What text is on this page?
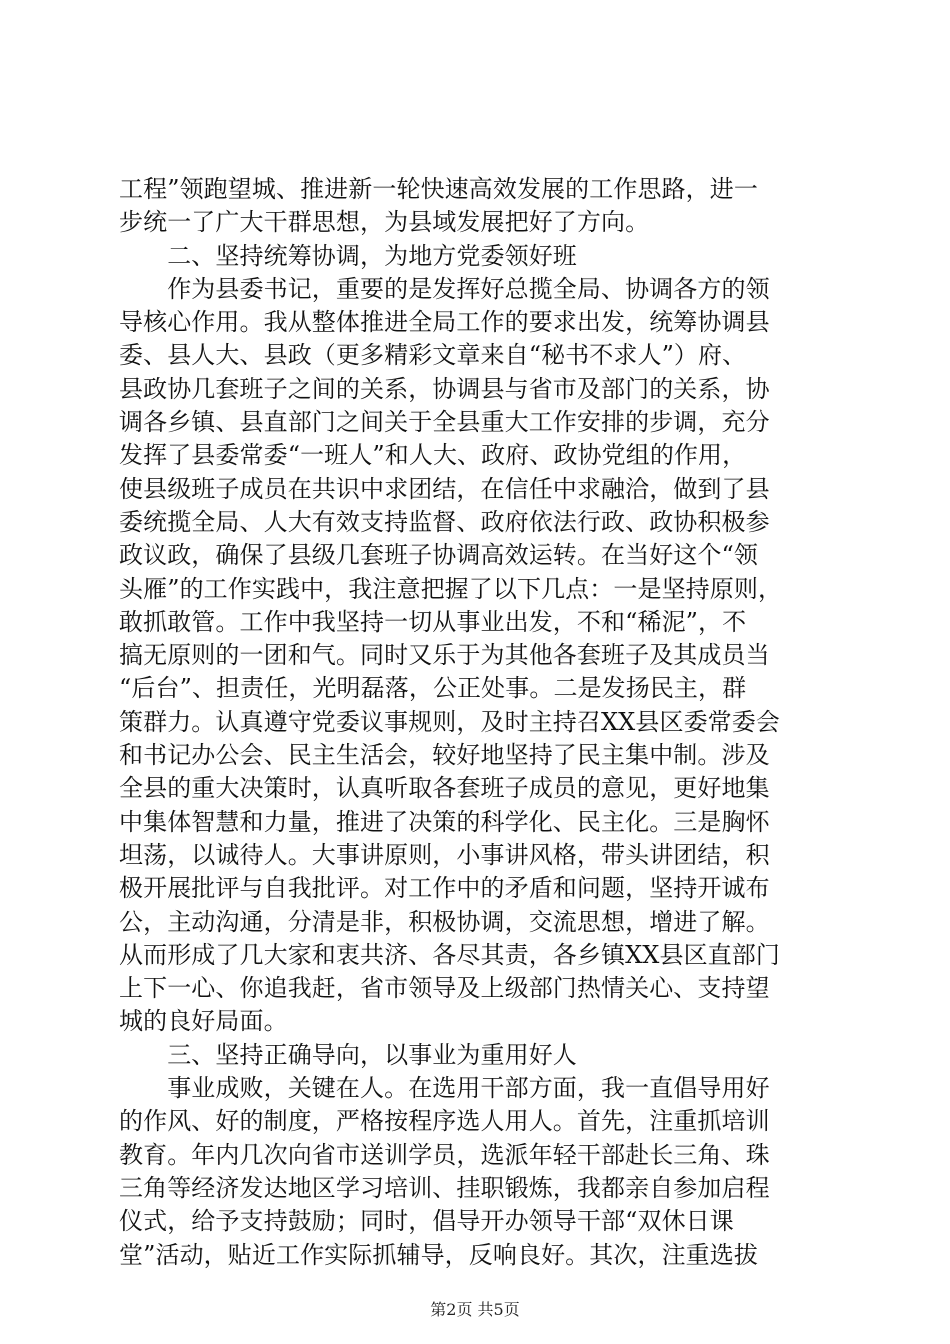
工程”领跑望城、推进新一轮快速高效发展的工作思路，进一
步统一了广大干群思想，为县域发展把好了方向。
　　二、坚持统筹协调，为地方党委领好班
　　作为县委书记，重要的是发挥好总揽全局、协调各方的领
导核心作用。我从整体推进全局工作的要求出发，统筹协调县
委、县人大、县政（更多精彩文章来自“秘书不求人”）府、
县政协几套班子之间的关系，协调县与省市及部门的关系，协
调各乡镇、县直部门之间关于全县重大工作安排的步调，充分
发挥了县委常委“一班人”和人大、政府、政协党组的作用，
使县级班子成员在共识中求团结，在信任中求融洽，做到了县
委统揽全局、人大有效支持监督、政府依法行政、政协积极参
政议政，确保了县级几套班子协调高效运转。在当好这个“领
头雁”的工作实践中，我注意把握了以下几点：一是坚持原则，
敢抓敢管。工作中我坚持一切从事业出发，不和“稀泥”，不
搞无原则的一团和气。同时又乐于为其他各套班子及其成员当
“后台”、担责任，光明磊落，公正处事。二是发扬民主，群
策群力。认真遵守党委议事规则，及时主持召XX县区委常委会
和书记办公会、民主生活会，较好地坚持了民主集中制。涉及
全县的重大决策时，认真听取各套班子成员的意见，更好地集
中集体智慧和力量，推进了决策的科学化、民主化。三是胸怀
坦荡，以诚待人。大事讲原则，小事讲风格，带头讲团结，积
极开展批评与自我批评。对工作中的矛盾和问题，坚持开诚布
公，主动沟通，分清是非，积极协调，交流思想，增进了解。
从而形成了几大家和衷共济、各尽其责，各乡镇XX县区直部门
上下一心、你追我赶，省市领导及上级部门热情关心、支持望
城的良好局面。
　　三、坚持正确导向，以事业为重用好人
　　事业成败，关键在人。在选用干部方面，我一直倡导用好
的作风、好的制度，严格按程序选人用人。首先，注重抓培训
教育。年内几次向省市送训学员，选派年轻干部赴长三角、珠
三角等经济发达地区学习培训、挂职锻炼，我都亲自参加启程
仪式，给予支持鼓励；同时，倡导开办领导干部“双休日课
堂”活动，贴近工作实际抓辅导，反响良好。其次，注重选拔
第2页 共5页
